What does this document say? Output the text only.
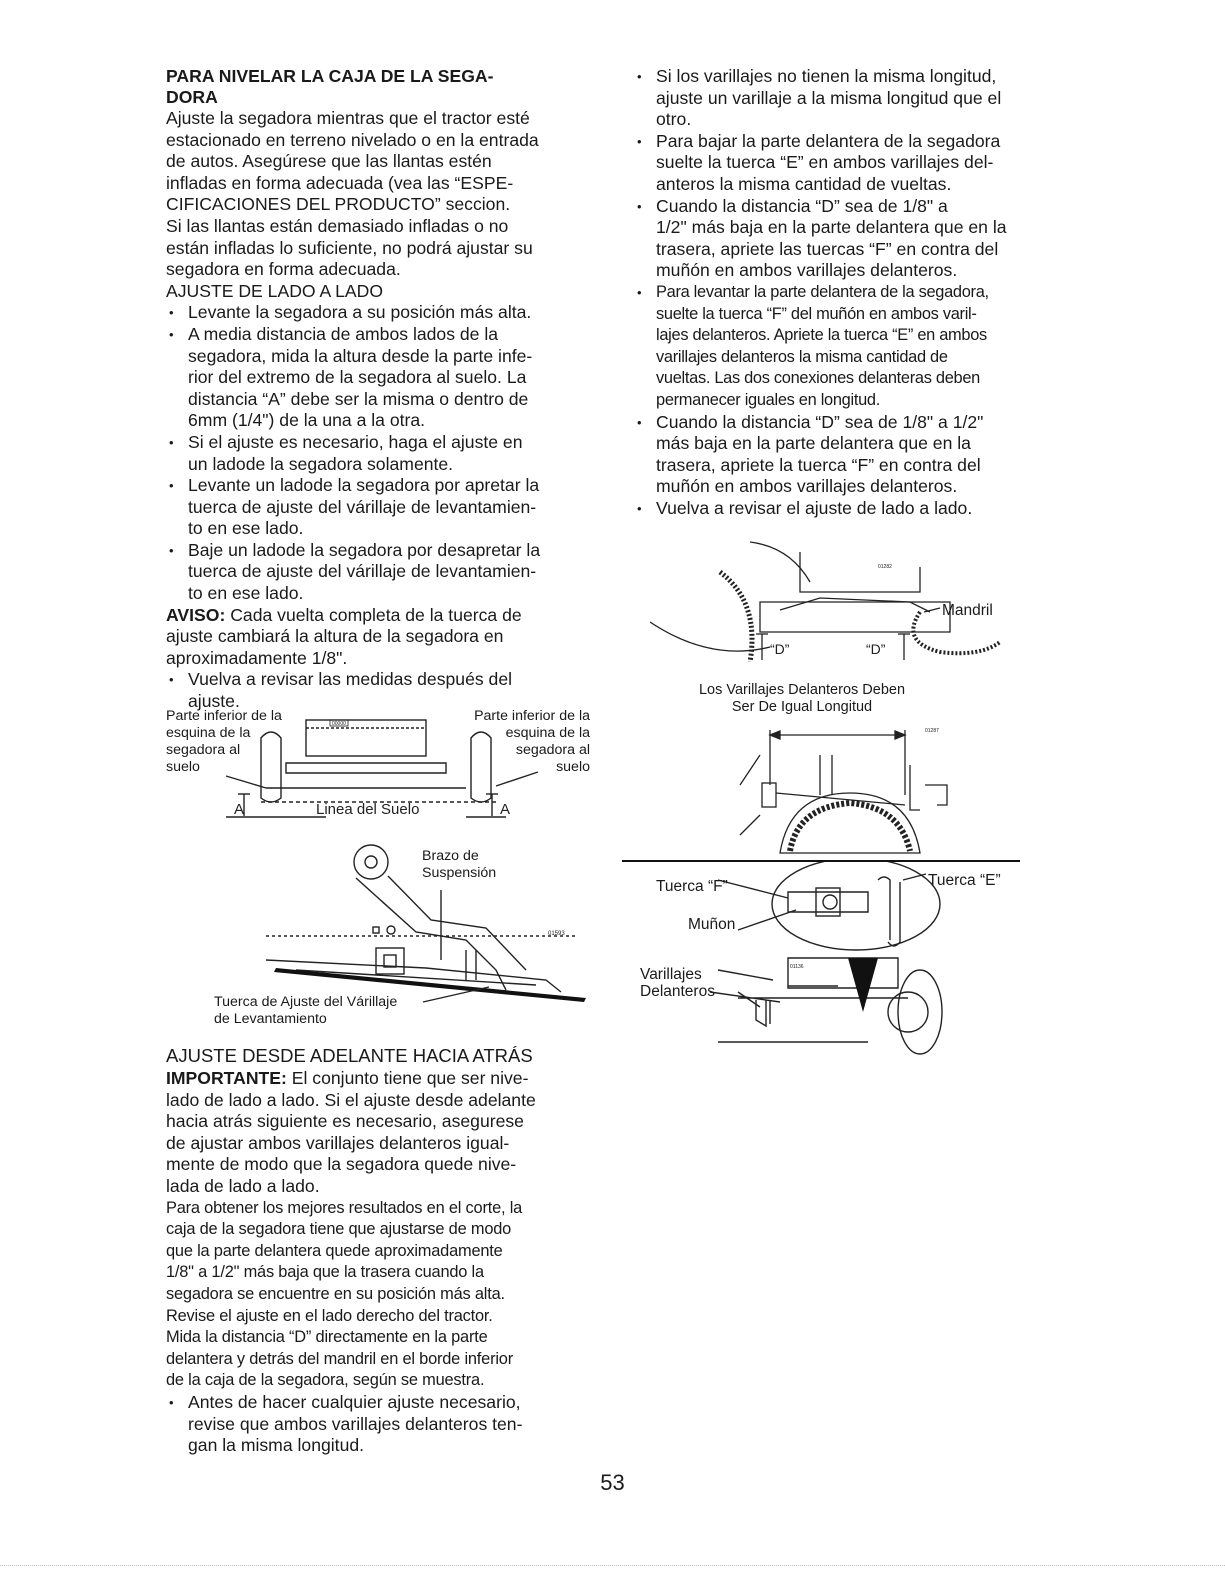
PARA NIVELAR LA CAJA DE LA SEGA-
DORA

Ajuste la segadora mientras que el tractor esté
estacionado en terreno nivelado o en la entrada
de autos. Asegúrese que las llantas estén
infladas en forma adecuada (vea las “ESPE-
CIFICACIONES DEL PRODUCTO” seccion.
Si las llantas están demasiado infladas o no
están infladas lo suficiente, no podrá ajustar su
segadora en forma adecuada.

AJUSTE DE LADO A LADO

• Levante la segadora a su posición más alta.
• A media distancia de ambos lados de la
segadora, mida la altura desde la parte infe-
rior del extremo de la segadora al suelo. La
distancia “A” debe ser la misma o dentro de
6mm (1/4") de la una a la otra.
• Si el ajuste es necesario, haga el ajuste en
un ladode la segadora solamente.
• Levante un ladode la segadora por apretar la
tuerca de ajuste del várillaje de levantamien-
to en ese lado.
• Baje un ladode la segadora por desapretar la
tuerca de ajuste del várillaje de levantamien-
to en ese lado.

AVISO: Cada vuelta completa de la tuerca de
ajuste cambiará la altura de la segadora en
aproximadamente 1/8".

• Vuelva a revisar las medidas después del
ajuste.
Parte inferior de la
esquina de la
segadora al
suelo
Parte inferior de la
esquina de la
segadora al
suelo
00000
A	A
Linea del Suelo
01593
Brazo de
Suspensión
Tuerca de Ajuste del Várillaje
de Levantamiento

AJUSTE DESDE ADELANTE HACIA ATRÁS

IMPORTANTE: El conjunto tiene que ser nive-
lado de lado a lado. Si el ajuste desde adelante
hacia atrás siguiente es necesario, asegurese
de ajustar ambos varillajes delanteros igual-
mente de modo que la segadora quede nive-
lada de lado a lado.

Para obtener los mejores resultados en el corte, la
caja de la segadora tiene que ajustarse de modo
que la parte delantera quede aproximadamente
1/8" a 1/2" más baja que la trasera cuando la
segadora se encuentre en su posición más alta.
Revise el ajuste en el lado derecho del tractor.
Mida la distancia “D” directamente en la parte
delantera y detrás del mandril en el borde inferior
de la caja de la segadora, según se muestra.
• Antes de hacer cualquier ajuste necesario,
revise que ambos varillajes delanteros ten-
gan la misma longitud.
• Si los varillajes no tienen la misma longitud,
ajuste un varillaje a la misma longitud que el
otro.
• Para bajar la parte delantera de la segadora
suelte la tuerca “E” en ambos varillajes del-
anteros la misma cantidad de vueltas.
• Cuando la distancia “D” sea de 1/8" a
1/2" más baja en la parte delantera que en la
trasera, apriete las tuercas “F” en contra del
muñón en ambos varillajes delanteros.
• Para levantar la parte delantera de la segadora,
suelte la tuerca “F” del muñón en ambos varil-
lajes delanteros. Apriete la tuerca “E” en ambos
varillajes delanteros la misma cantidad de
vueltas. Las dos conexiones delanteras deben
permanecer iguales en longitud.
• Cuando la distancia “D” sea de 1/8" a 1/2"
más baja en la parte delantera que en la
trasera, apriete la tuerca “F” en contra del
muñón en ambos varillajes delanteros.
• Vuelva a revisar el ajuste de lado a lado.
“D”	“D”
01282
Mandril
Los Varillajes Delanteros Deben
Ser De Igual Longitud
01287
01136
Tuerca “F”	Tuerca “E”
Muñon
Varillajes
Delanteros
53
